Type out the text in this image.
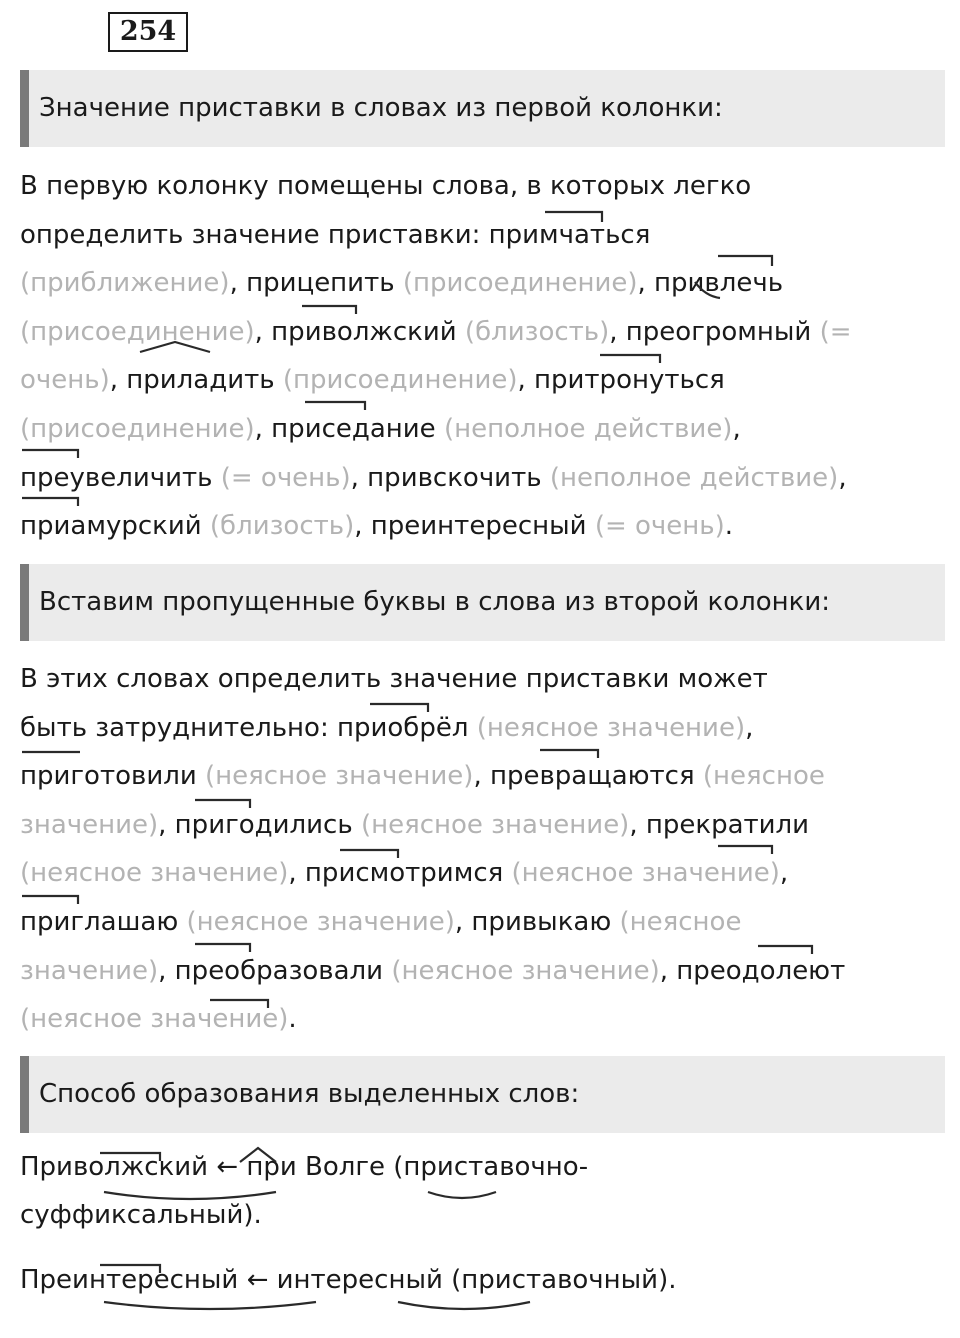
254
Значение приставки в словах из первой колонки:
В первую колонку помещены слова, в которых легко
определить значение приставки: примчаться
(приближение), прицепить (присоединение), привлечь
(присоединение), приволжский (близость), преогромный (=
очень), приладить (присоединение), притронуться
(присоединение), приседание (неполное действие),
преувеличить (= очень), привскочить (неполное действие),
приамурский (близость), преинтересный (= очень).
Вставим пропущенные буквы в слова из второй колонки:
В этих словах определить значение приставки может
быть затруднительно: приобрёл (неясное значение),
приготовили (неясное значение), превращаются (неясное
значение), пригодились (неясное значение), прекратили
(неясное значение), присмотримся (неясное значение),
приглашаю (неясное значение), привыкаю (неясное
значение), преобразовали (неясное значение), преодолеют
(неясное значение).
Способ образования выделенных слов:
Приволжский ← при Волге (приставочно-
суффиксальный).
Преинтересный ← интересный (приставочный).
